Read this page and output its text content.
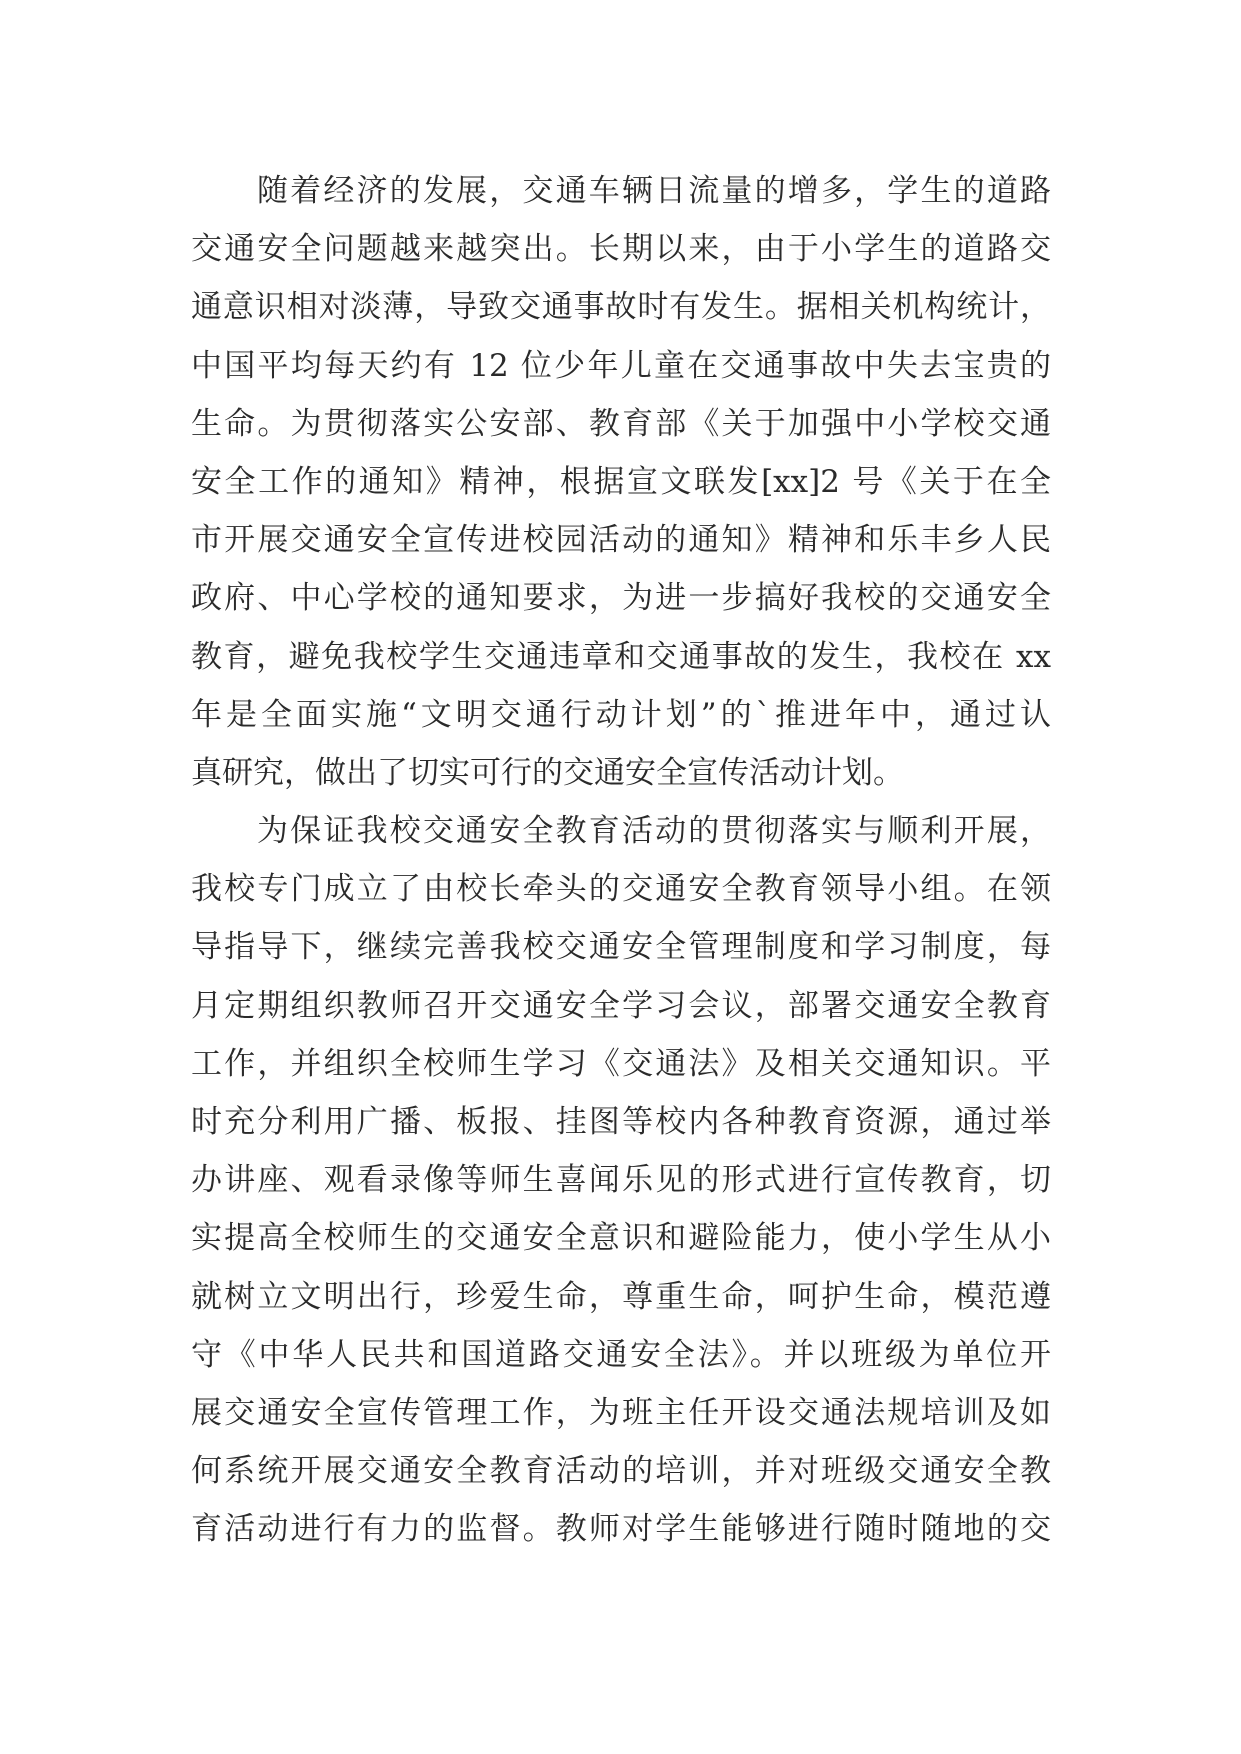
随着经济的发展，交通车辆日流量的增多，学生的道路
交通安全问题越来越突出。长期以来，由于小学生的道路交
通意识相对淡薄，导致交通事故时有发生。据相关机构统计，
中国平均每天约有 12 位少年儿童在交通事故中失去宝贵的
生命。为贯彻落实公安部、教育部《关于加强中小学校交通
安全工作的通知》精神，根据宣文联发[xx]2 号《关于在全
市开展交通安全宣传进校园活动的通知》精神和乐丰乡人民
政府、中心学校的通知要求，为进一步搞好我校的交通安全
教育，避免我校学生交通违章和交通事故的发生，我校在 xx
年是全面实施“文明交通行动计划”的`推进年中，通过认
真研究，做出了切实可行的交通安全宣传活动计划。
为保证我校交通安全教育活动的贯彻落实与顺利开展，
我校专门成立了由校长牵头的交通安全教育领导小组。在领
导指导下，继续完善我校交通安全管理制度和学习制度，每
月定期组织教师召开交通安全学习会议，部署交通安全教育
工作，并组织全校师生学习《交通法》及相关交通知识。平
时充分利用广播、板报、挂图等校内各种教育资源，通过举
办讲座、观看录像等师生喜闻乐见的形式进行宣传教育，切
实提高全校师生的交通安全意识和避险能力，使小学生从小
就树立文明出行，珍爱生命，尊重生命，呵护生命，模范遵
守《中华人民共和国道路交通安全法》。并以班级为单位开
展交通安全宣传管理工作，为班主任开设交通法规培训及如
何系统开展交通安全教育活动的培训，并对班级交通安全教
育活动进行有力的监督。教师对学生能够进行随时随地的交
